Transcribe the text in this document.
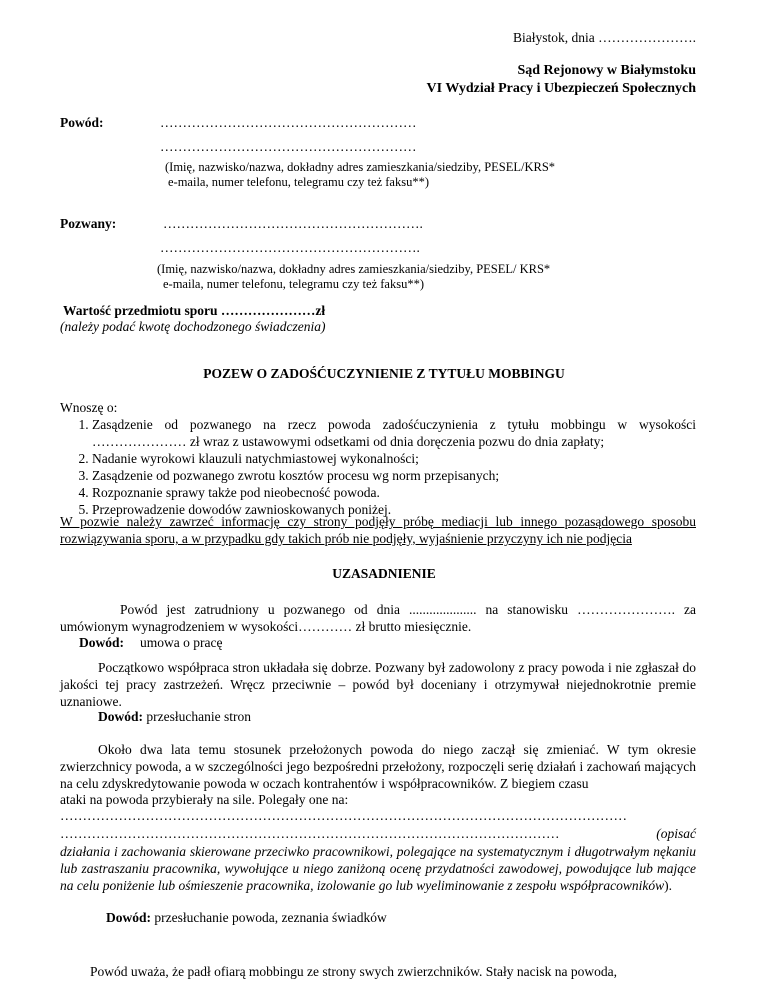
Białystok, dnia ………………….
Sąd Rejonowy w Białymstoku
VI Wydział Pracy i Ubezpieczeń Społecznych
Powód:	…………………………………………………
…………………………………………………
(Imię, nazwisko/nazwa, dokładny adres zamieszkania/siedziby, PESEL/KRS*
e-maila, numer telefonu, telegramu czy też faksu**)
Pozwany:	………………………………………………….
………………………………………………….
(Imię, nazwisko/nazwa, dokładny adres zamieszkania/siedziby, PESEL/ KRS*
e-maila, numer telefonu, telegramu czy też faksu**)
Wartość przedmiotu sporu …………………zł
(należy podać kwotę dochodzonego świadczenia)
POZEW O ZADOŚĆUCZYNIENIE Z TYTUŁU MOBBINGU
Wnoszę o:
1. Zasądzenie od pozwanego na rzecz powoda zadośćuczynienia z tytułu mobbingu w wysokości ………………… zł wraz z ustawowymi odsetkami od dnia doręczenia pozwu do dnia zapłaty;
2. Nadanie wyrokowi klauzuli natychmiastowej wykonalności;
3. Zasądzenie od pozwanego zwrotu kosztów procesu wg norm przepisanych;
4. Rozpoznanie sprawy także pod nieobecność powoda.
5. Przeprowadzenie dowodów zawnioskowanych poniżej.
W pozwie należy zawrzeć informację czy strony podjęły próbę mediacji lub innego pozasądowego sposobu rozwiązywania sporu, a w przypadku gdy takich prób nie podjęły, wyjaśnienie przyczyny ich nie podjęcia
UZASADNIENIE
Powód jest zatrudniony u pozwanego od dnia .................... na stanowisku …………………. za umówionym wynagrodzeniem w wysokości………… zł brutto miesięcznie.
Dowód: umowa o pracę
Początkowo współpraca stron układała się dobrze. Pozwany był zadowolony z pracy powoda i nie zgłaszał do jakości tej pracy zastrzeżeń. Wręcz przeciwnie – powód był doceniany i otrzymywał niejednokrotnie premie uznaniowe.
Dowód: przesłuchanie stron
Około dwa lata temu stosunek przełożonych powoda do niego zaczął się zmieniać. W tym okresie zwierzchnicy powoda, a w szczególności jego bezpośredni przełożony, rozpoczęli serię działań i zachowań mających na celu zdyskredytowanie powoda w oczach kontrahentów i współpracowników. Z biegiem czasu
ataki na powoda przybierały na sile. Polegały one na:
………………………………………………………………………………………………………………
…………………………………………………………………………………………………	(opisać
działania i zachowania skierowane przeciwko pracownikowi, polegające na systematycznym i długotrwałym nękaniu lub zastraszaniu pracownika, wywołujące u niego zaniżoną ocenę przydatności zawodowej, powodujące lub mające na celu poniżenie lub ośmieszenie pracownika, izolowanie go lub wyeliminowanie z zespołu współpracowników).
Dowód: przesłuchanie powoda, zeznania świadków
Powód uważa, że padł ofiarą mobbingu ze strony swych zwierzchników. Stały nacisk na powoda,
